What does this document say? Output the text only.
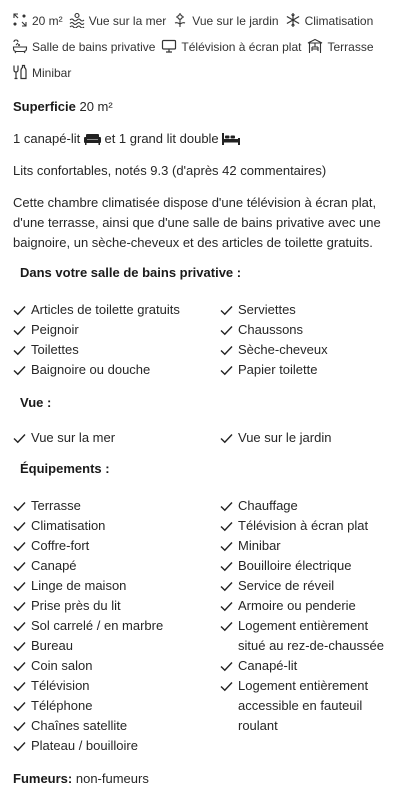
20 m² Vue sur la mer Vue sur le jardin Climatisation
Salle de bains privative Télévision à écran plat Terrasse
Minibar
Superficie 20 m²
1 canapé-lit et 1 grand lit double
Lits confortables, notés 9.3 (d'après 42 commentaires)
Cette chambre climatisée dispose d'une télévision à écran plat, d'une terrasse, ainsi que d'une salle de bains privative avec une baignoire, un sèche-cheveux et des articles de toilette gratuits.
Dans votre salle de bains privative :
Articles de toilette gratuits
Peignoir
Toilettes
Baignoire ou douche
Serviettes
Chaussons
Sèche-cheveux
Papier toilette
Vue :
Vue sur la mer	Vue sur le jardin
Équipements :
Terrasse
Climatisation
Coffre-fort
Canapé
Linge de maison
Prise près du lit
Sol carrelé / en marbre
Bureau
Coin salon
Télévision
Téléphone
Chaînes satellite
Plateau / bouilloire
Chauffage
Télévision à écran plat
Minibar
Bouilloire électrique
Service de réveil
Armoire ou penderie
Logement entièrement situé au rez-de-chaussée
Canapé-lit
Logement entièrement accessible en fauteuil roulant
Fumeurs: non-fumeurs
